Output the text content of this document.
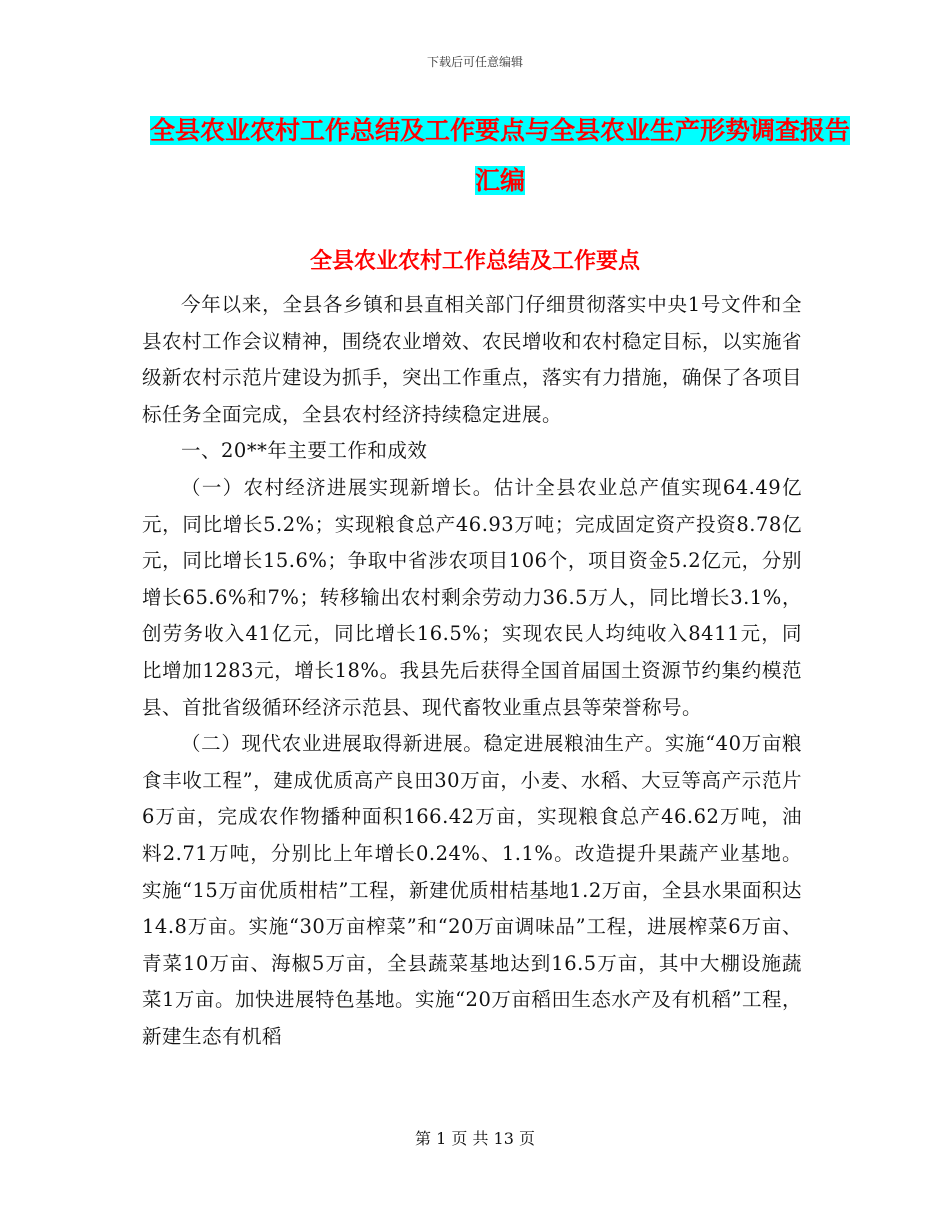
下载后可任意编辑
全县农业农村工作总结及工作要点与全县农业生产形势调查报告汇编
全县农业农村工作总结及工作要点

今年以来，全县各乡镇和县直相关部门仔细贯彻落实中央1号文件和全县农村工作会议精神，围绕农业增效、农民增收和农村稳定目标，以实施省级新农村示范片建设为抓手，突出工作重点，落实有力措施，确保了各项目标任务全面完成，全县农村经济持续稳定进展。

一、20**年主要工作和成效

（一）农村经济进展实现新增长。估计全县农业总产值实现64.49亿元，同比增长5.2%；实现粮食总产46.93万吨；完成固定资产投资8.78亿元，同比增长15.6%；争取中省涉农项目106个，项目资金5.2亿元，分别增长65.6%和7%；转移输出农村剩余劳动力36.5万人，同比增长3.1%，创劳务收入41亿元，同比增长16.5%；实现农民人均纯收入8411元，同比增加1283元，增长18%。我县先后获得全国首届国土资源节约集约模范县、首批省级循环经济示范县、现代畜牧业重点县等荣誉称号。

（二）现代农业进展取得新进展。稳定进展粮油生产。实施“40万亩粮食丰收工程”，建成优质高产良田30万亩，小麦、水稻、大豆等高产示范片6万亩，完成农作物播种面积166.42万亩，实现粮食总产46.62万吨，油料2.71万吨，分别比上年增长0.24%、1.1%。改造提升果蔬产业基地。实施“15万亩优质柑桔”工程，新建优质柑桔基地1.2万亩，全县水果面积达14.8万亩。实施“30万亩榨菜”和“20万亩调味品”工程，进展榨菜6万亩、青菜10万亩、海椒5万亩，全县蔬菜基地达到16.5万亩，其中大棚设施蔬菜1万亩。加快进展特色基地。实施“20万亩稻田生态水产及有机稻”工程，新建生态有机稻

第 1 页 共 13 页
